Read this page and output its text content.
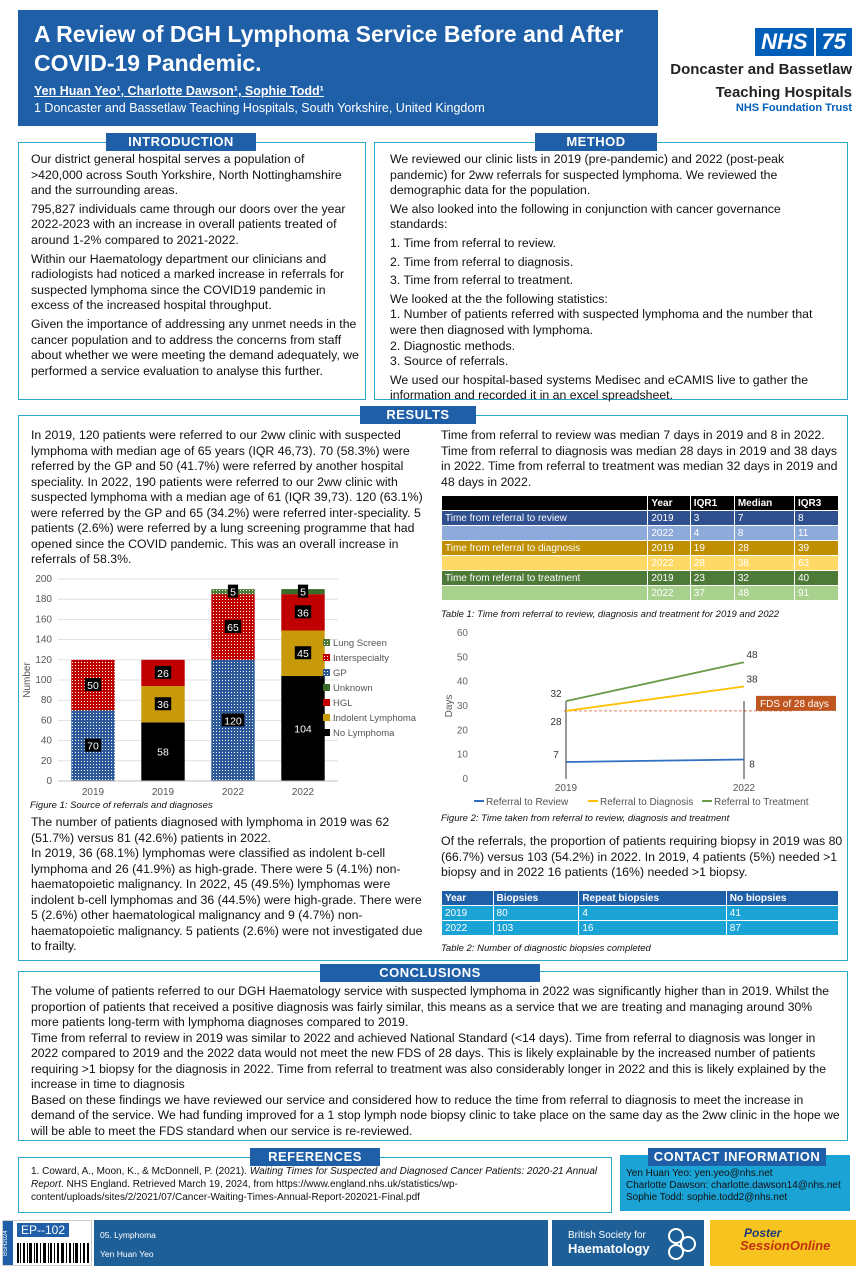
A Review of DGH Lymphoma Service Before and After COVID-19 Pandemic.
Yen Huan Yeo¹, Charlotte Dawson¹, Sophie Todd¹
1 Doncaster and Bassetlaw Teaching Hospitals, South Yorkshire, United Kingdom
NHS 75
Doncaster and Bassetlaw
Teaching Hospitals
NHS Foundation Trust
INTRODUCTION

Our district general hospital serves a population of >420,000 across South Yorkshire, North Nottinghamshire and the surrounding areas.

795,827 individuals came through our doors over the year 2022-2023 with an increase in overall patients treated of around 1-2% compared to 2021-2022.

Within our Haematology department our clinicians and radiologists had noticed a marked increase in referrals for suspected lymphoma since the COVID19 pandemic in excess of the increased hospital throughput.

Given the importance of addressing any unmet needs in the cancer population and to address the concerns from staff about whether we were meeting the demand adequately, we performed a service evaluation to analyse this further.

METHOD

We reviewed our clinic lists in 2019 (pre-pandemic) and 2022 (post-peak pandemic) for 2ww referrals for suspected lymphoma. We reviewed the demographic data for the population.

We also looked into the following in conjunction with cancer governance standards:

1. Time from referral to review.

2. Time from referral to diagnosis.

3. Time from referral to treatment.

We looked at the the following statistics:

1. Number of patients referred with suspected lymphoma and the number that were then diagnosed with lymphoma.

2. Diagnostic methods.

3. Source of referrals.

We used our hospital-based systems Medisec and eCAMIS live to gather the information and recorded it in an excel spreadsheet.

RESULTS
In 2019, 120 patients were referred to our 2ww clinic with suspected lymphoma with median age of 65 years (IQR 46,73). 70 (58.3%) were referred by the GP and 50 (41.7%) were referred by another hospital speciality. In 2022, 190 patients were referred to our 2ww clinic with suspected lymphoma with a median age of 61 (IQR 39,73). 120 (63.1%) were referred by the GP and 65 (34.2%) were referred inter-speciality. 5 patients (2.6%) were referred by a lung screening programme that had opened since the COVID pandemic. This was an overall increase in referrals of 58.3%.
0
20
40
60
80
100
120
140
160
180
200
Number
70
50
2019
58
36
26
2019
120
65
5
2022
104
45
36
5
2022
Lung Screen
Interspecialty
GP
Unknown
HGL
Indolent Lymphoma
No Lymphoma
Figure 1: Source of referrals and diagnoses
The number of patients diagnosed with lymphoma in 2019 was 62 (51.7%) versus 81 (42.6%) patients in 2022.
In 2019, 36 (68.1%) lymphomas were classified as indolent b-cell lymphoma and 26 (41.9%) as high-grade. There were 5 (4.1%) non-haematopoietic malignancy. In 2022, 45 (49.5%) lymphomas were indolent b-cell lymphomas and 36 (44.5%) were high-grade. There were 5 (2.6%) other haematological malignancy and 9 (4.7%) non-haematopoietic malignancy. 5 patients (2.6%) were not investigated due to frailty.
Time from referral to review was median 7 days in 2019 and 8 in 2022. Time from referral to diagnosis was median 28 days in 2019 and 38 days in 2022. Time from referral to treatment was median 32 days in 2019 and 48 days in 2022.
	Year	IQR1	Median	IQR3
Time from referral to review	2019	3	7	8
	2022	4	8	11
Time from referral to diagnosis	2019	19	28	39
	2022	28	38	63
Time from referral to treatment	2019	23	32	40
	2022	37	48	91
Table 1: Time from referral to review, diagnosis and treatment for 2019 and 2022
0
10
20
30
40
50
60
Days	FDS of 28 days
7
8
28
38
32
48
2019	2022
Referral to Review	Referral to Diagnosis Referral to Treatment
Figure 2: Time taken from referral to review, diagnosis and treatment
Of the referrals, the proportion of patients requiring biopsy in 2019 was 80 (66.7%) versus 103 (54.2%) in 2022. In 2019, 4 patients (5%) needed >1 biopsy and in 2022 16 patients (16%) needed >1 biopsy.
Year	Biopsies	Repeat biopsies	No biopsies
2019	80	4	41
2022	103	16	87
Table 2: Number of diagnostic biopsies completed
CONCLUSIONS
The volume of patients referred to our DGH Haematology service with suspected lymphoma in 2022 was significantly higher than in 2019. Whilst the proportion of patients that received a positive diagnosis was fairly similar, this means as a service that we are treating and managing around 30% more patients long-term with lymphoma diagnoses compared to 2019.
Time from referral to review in 2019 was similar to 2022 and achieved National Standard (<14 days). Time from referral to diagnosis was longer in 2022 compared to 2019 and the 2022 data would not meet the new FDS of 28 days. This is likely explainable by the increased number of patients requiring >1 biopsy for the diagnosis in 2022. Time from referral to treatment was also considerably longer in 2022 and this is likely explained by the increase in time to diagnosis
Based on these findings we have reviewed our service and considered how to reduce the time from referral to diagnosis to meet the increase in demand of the service. We had funding improved for a 1 stop lymph node biopsy clinic to take place on the same day as the 2ww clinic in the hope we will be able to meet the FDS standard when our service is re-reviewed.
REFERENCES
1. Coward, A., Moon, K., & McDonnell, P. (2021). Waiting Times for Suspected and Diagnosed Cancer Patients: 2020-21 Annual Report. NHS England. Retrieved March 19, 2024, from https://www.england.nhs.uk/statistics/wp-content/uploads/sites/2/2021/07/Cancer-Waiting-Times-Annual-Report-202021-Final.pdf
CONTACT INFORMATION
Yen Huan Yeo: yen.yeo@nhs.net
Charlotte Dawson: charlotte.dawson14@nhs.net
Sophie Todd: sophie.todd2@nhs.net
BSH2024
EP--102	05. Lymphoma
Yen Huan Yeo
British Society for
Haematology
Poster
SessionOnline
